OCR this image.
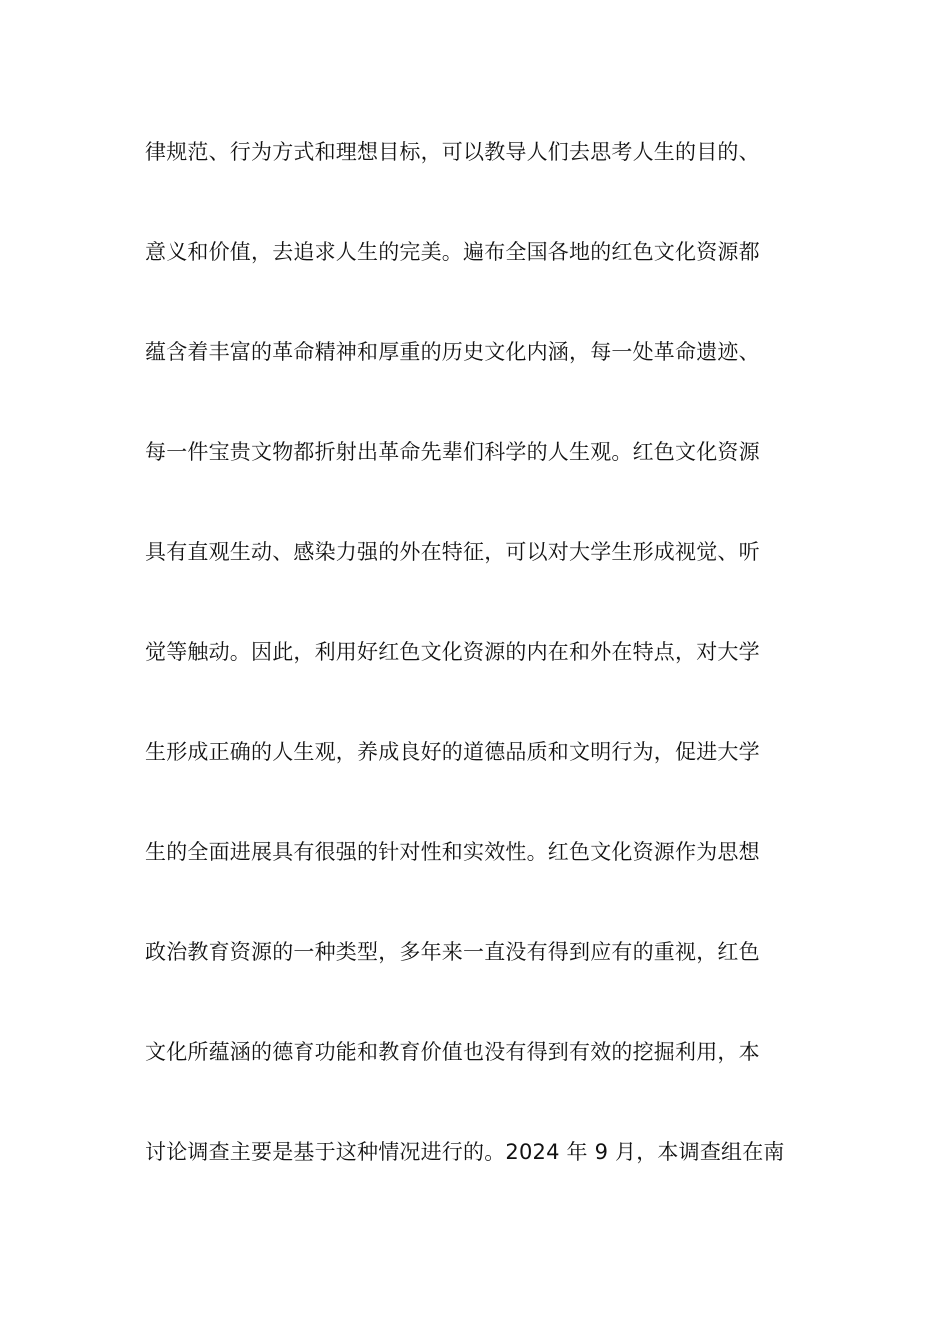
律规范、行为方式和理想目标，可以教导人们去思考人生的目的、
意义和价值，去追求人生的完美。遍布全国各地的红色文化资源都
蕴含着丰富的革命精神和厚重的历史文化内涵，每一处革命遗迹、
每一件宝贵文物都折射出革命先辈们科学的人生观。红色文化资源
具有直观生动、感染力强的外在特征，可以对大学生形成视觉、听
觉等触动。因此，利用好红色文化资源的内在和外在特点，对大学
生形成正确的人生观，养成良好的道德品质和文明行为，促进大学
生的全面进展具有很强的针对性和实效性。红色文化资源作为思想
政治教育资源的一种类型，多年来一直没有得到应有的重视，红色
文化所蕴涵的德育功能和教育价值也没有得到有效的挖掘利用，本
讨论调查主要是基于这种情况进行的。2024 年 9 月，本调查组在南
